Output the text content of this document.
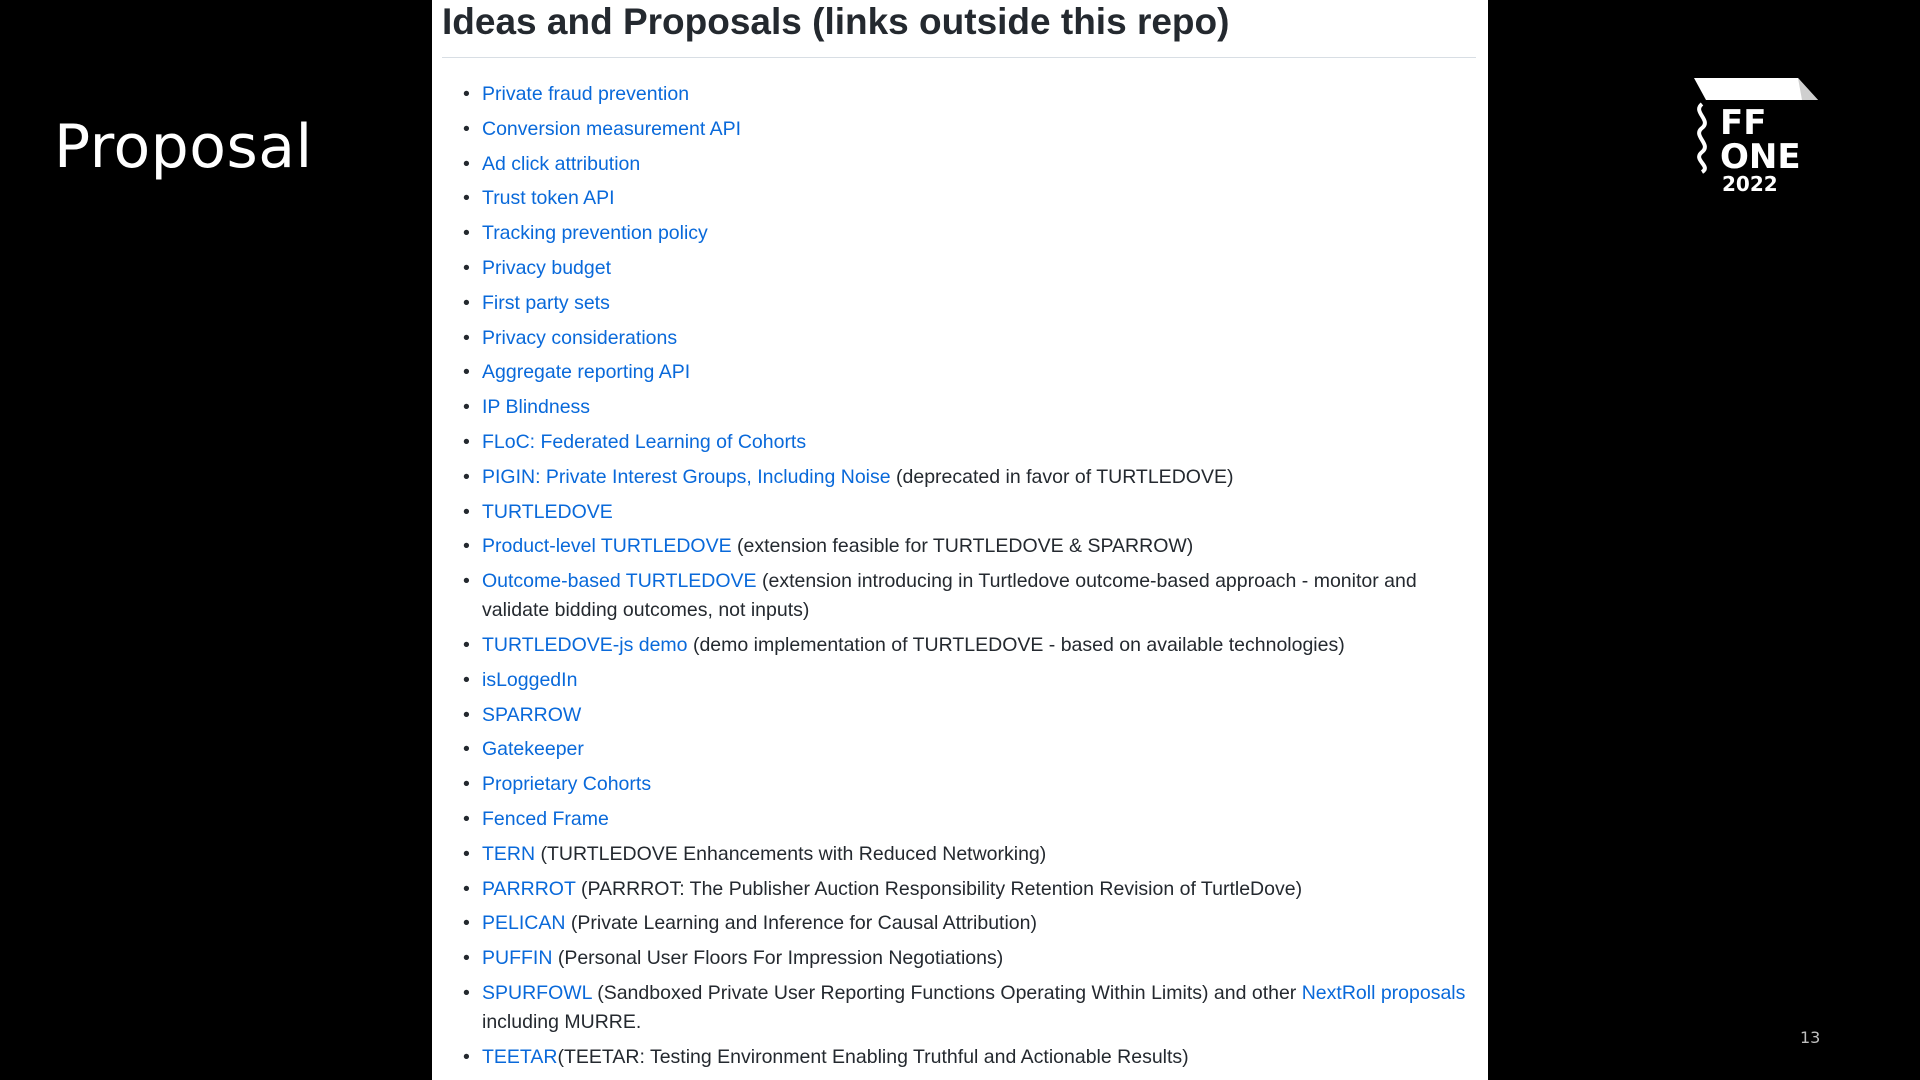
Proposal
Ideas and Proposals (links outside this repo)
• Private fraud prevention
• Conversion measurement API
• Ad click attribution
• Trust token API
• Tracking prevention policy
• Privacy budget
• First party sets
• Privacy considerations
• Aggregate reporting API
• IP Blindness
• FLoC: Federated Learning of Cohorts
• PIGIN: Private Interest Groups, Including Noise (deprecated in favor of TURTLEDOVE)
• TURTLEDOVE
• Product-level TURTLEDOVE (extension feasible for TURTLEDOVE & SPARROW)
• Outcome-based TURTLEDOVE (extension introducing in Turtledove outcome-based approach - monitor and validate bidding outcomes, not inputs)
• TURTLEDOVE-js demo (demo implementation of TURTLEDOVE - based on available technologies)
• isLoggedIn
• SPARROW
• Gatekeeper
• Proprietary Cohorts
• Fenced Frame
• TERN (TURTLEDOVE Enhancements with Reduced Networking)
• PARRROT (PARRROT: The Publisher Auction Responsibility Retention Revision of TurtleDove)
• PELICAN (Private Learning and Inference for Causal Attribution)
• PUFFIN (Personal User Floors For Impression Negotiations)
• SPURFOWL (Sandboxed Private User Reporting Functions Operating Within Limits) and other NextRoll proposals including MURRE.
• TEETAR(TEETAR: Testing Environment Enabling Truthful and Actionable Results)
FF
ONE
2022
13
